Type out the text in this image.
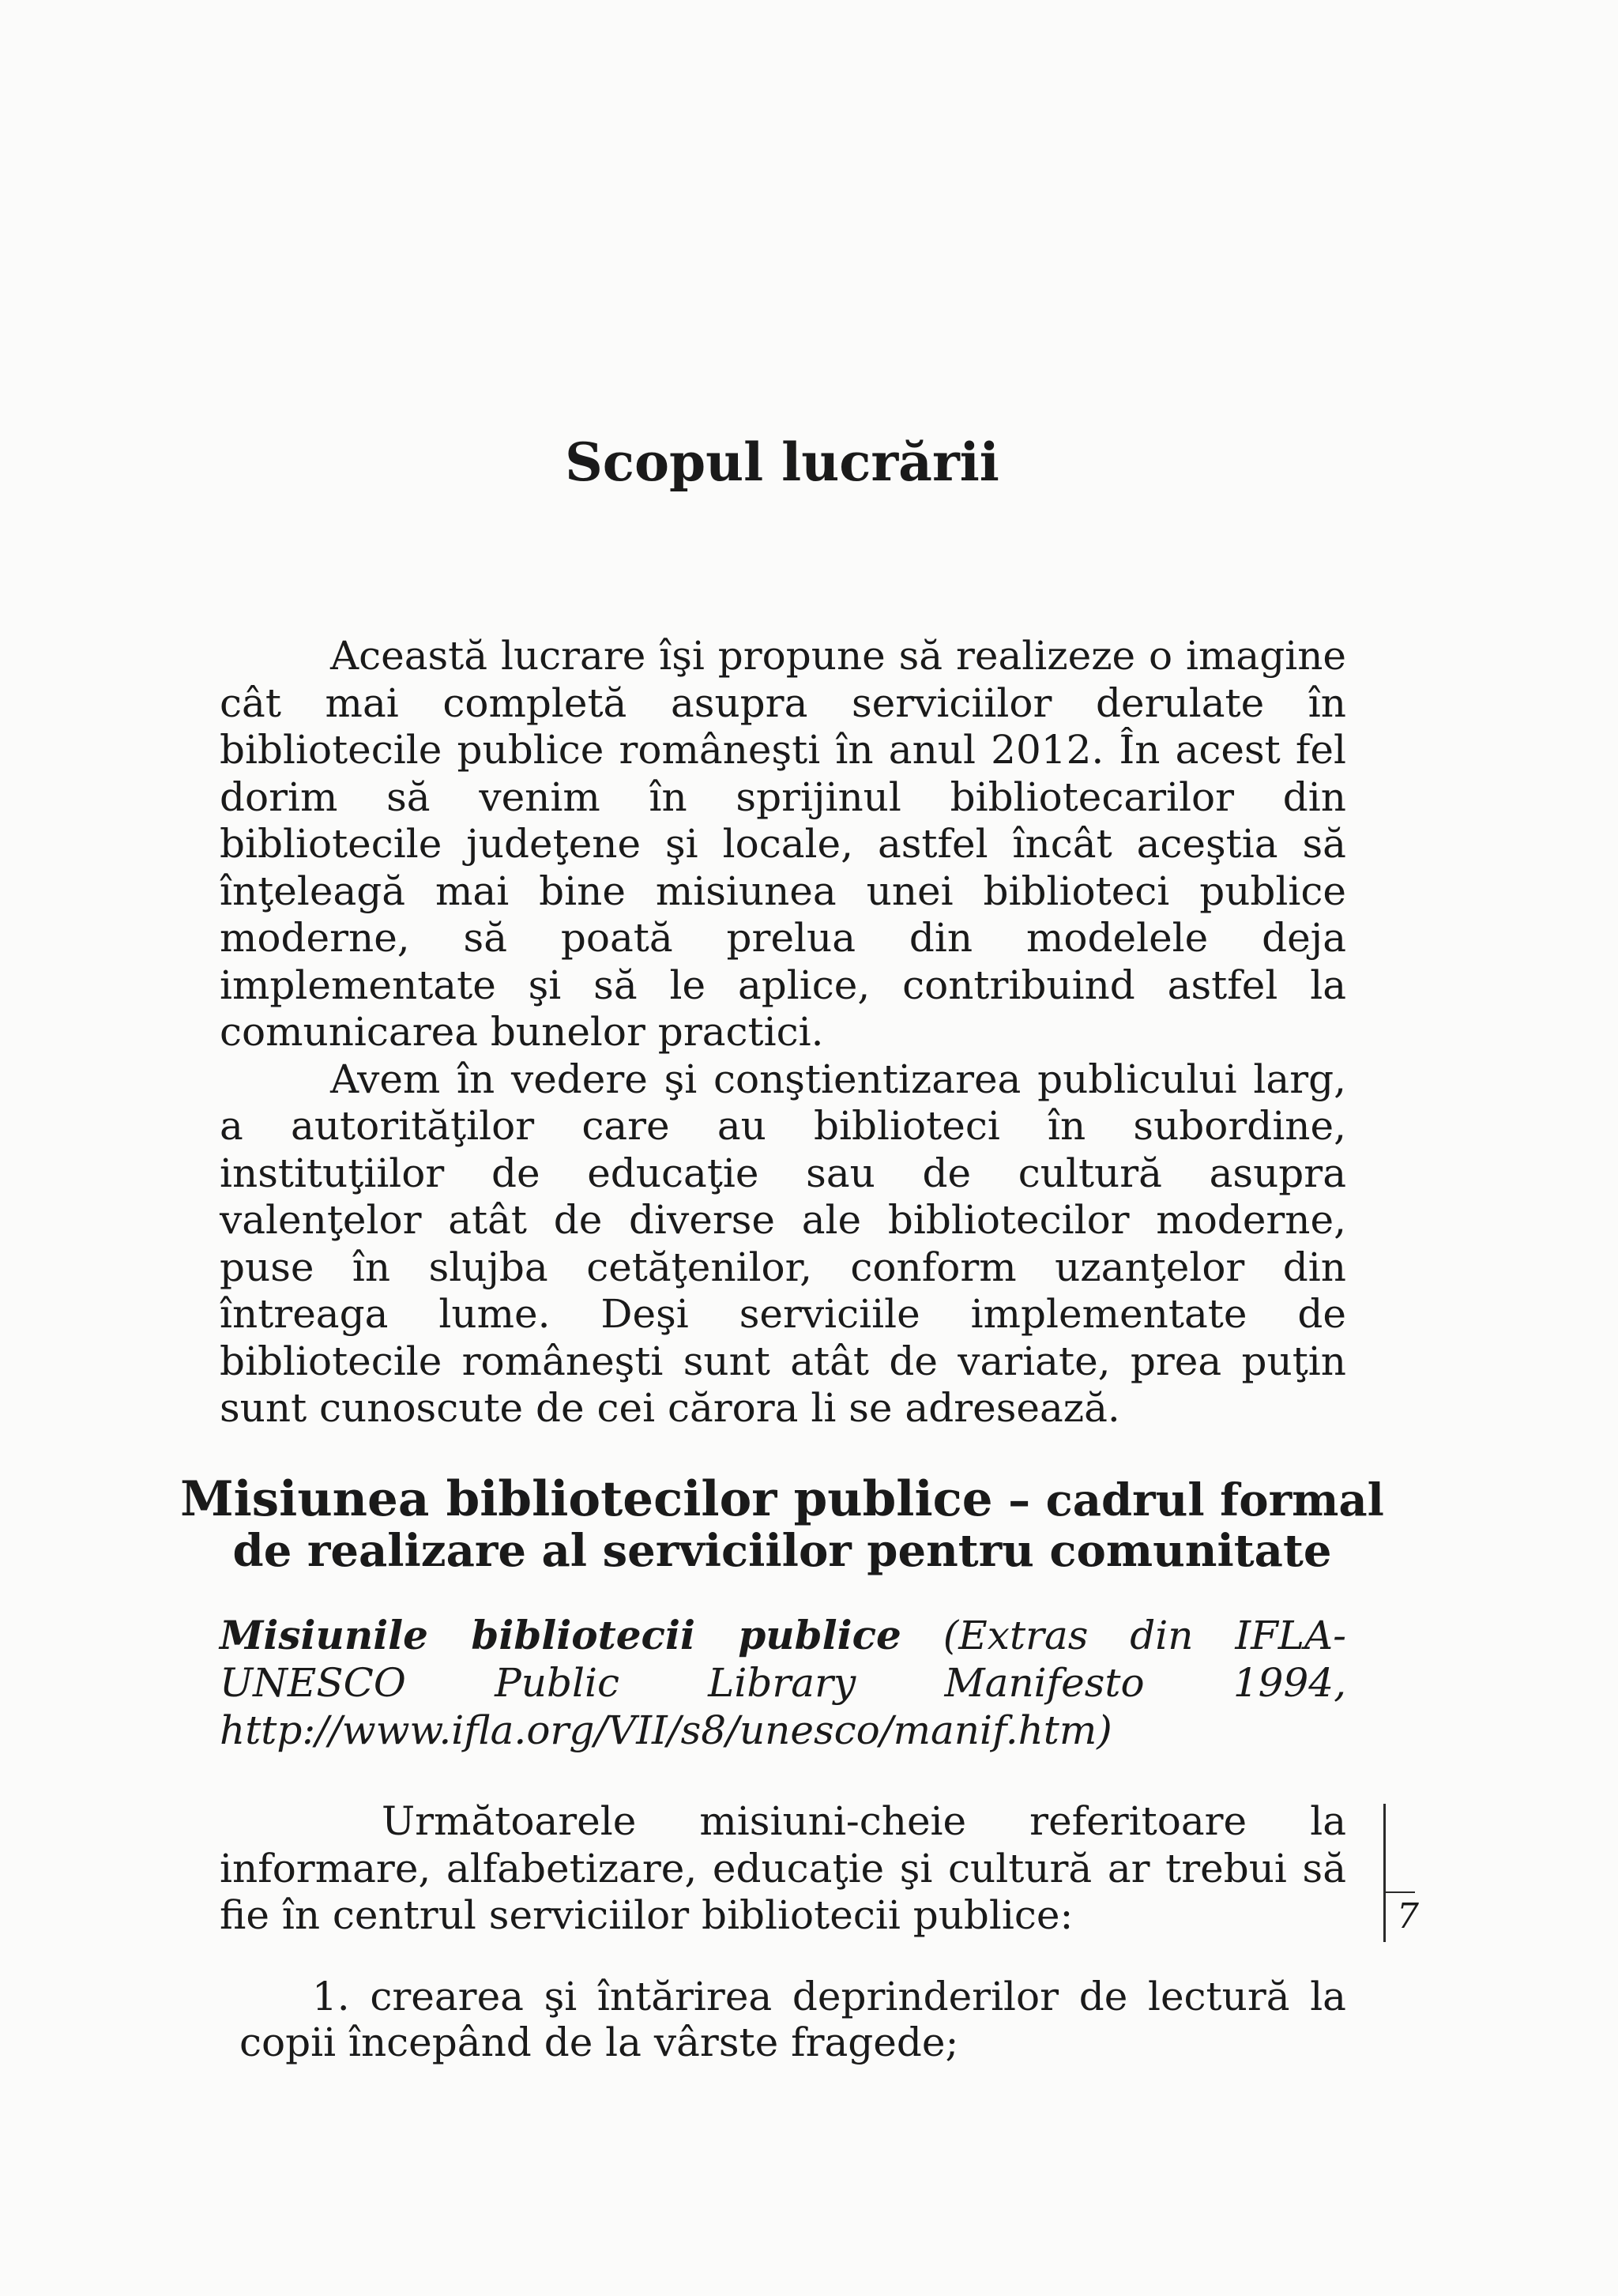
Scopul lucrării

Această lucrare îşi propune să realizeze o imagine cât mai completă asupra serviciilor derulate în bibliotecile publice româneşti în anul 2012. În acest fel dorim să venim în sprijinul bibliotecarilor din bibliotecile judeţene şi locale, astfel încât aceştia să înţeleagă mai bine misiunea unei biblioteci publice moderne, să poată prelua din modelele deja implementate şi să le aplice, contribuind astfel la comunicarea bunelor practici.

Avem în vedere şi conştientizarea publicului larg, a autorităţilor care au biblioteci în subordine, instituţiilor de educaţie sau de cultură asupra valenţelor atât de diverse ale bibliotecilor moderne, puse în slujba cetăţenilor, conform uzanţelor din întreaga lume. Deşi serviciile implementate de bibliotecile româneşti sunt atât de variate, prea puţin sunt cunoscute de cei cărora li se adresează.

Misiunea bibliotecilor publice – cadrul formal
de realizare al serviciilor pentru comunitate

Misiunile bibliotecii publice (Extras din IFLA-UNESCO Public Library Manifesto 1994, http://www.ifla.org/VII/s8/unesco/manif.htm)

Următoarele misiuni-cheie referitoare la informare, alfabetizare, educaţie şi cultură ar trebui să fie în centrul serviciilor bibliotecii publice:

1. crearea şi întărirea deprinderilor de lectură la copii începând de la vârste fragede;

7
